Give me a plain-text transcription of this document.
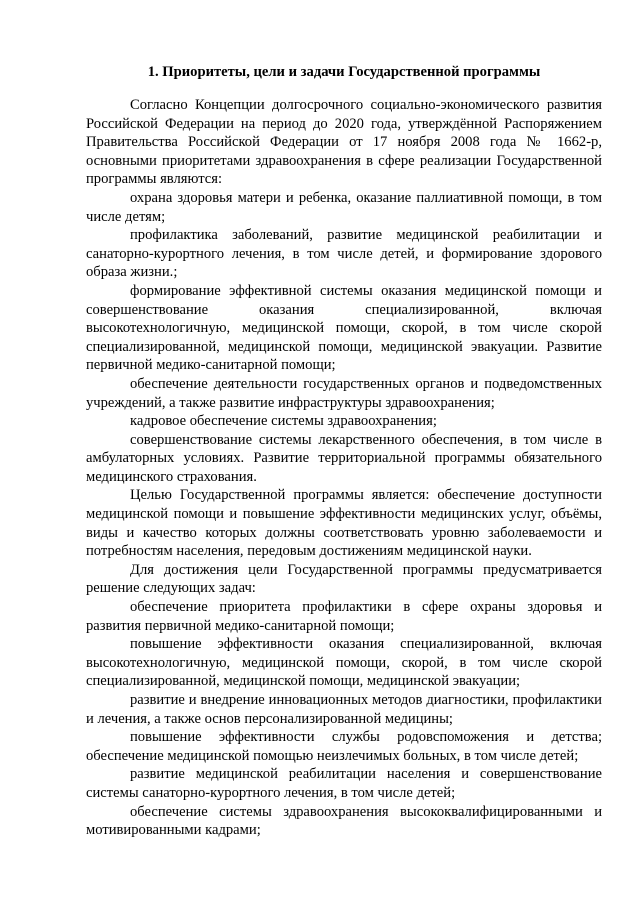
1. Приоритеты, цели и задачи Государственной программы

Согласно Концепции долгосрочного социально-экономического развития Российской Федерации на период до 2020 года, утверждённой Распоряжением Правительства Российской Федерации от 17 ноября 2008 года № 1662-р, основными приоритетами здравоохранения в сфере реализации Государственной программы являются:

охрана здоровья матери и ребенка, оказание паллиативной помощи, в том числе детям;

профилактика заболеваний, развитие медицинской реабилитации и санаторно-курортного лечения, в том числе детей, и формирование здорового образа жизни.;

формирование эффективной системы оказания медицинской помощи и совершенствование оказания специализированной, включая высокотехнологичную, медицинской помощи, скорой, в том числе скорой специализированной, медицинской помощи, медицинской эвакуации. Развитие первичной медико-санитарной помощи;

обеспечение деятельности государственных органов и подведомственных учреждений, а также развитие инфраструктуры здравоохранения;

кадровое обеспечение системы здравоохранения;

совершенствование системы лекарственного обеспечения, в том числе в амбулаторных условиях. Развитие территориальной программы обязательного медицинского страхования.

Целью Государственной программы является: обеспечение доступности медицинской помощи и повышение эффективности медицинских услуг, объёмы, виды и качество которых должны соответствовать уровню заболеваемости и потребностям населения, передовым достижениям медицинской науки.

Для достижения цели Государственной программы предусматривается решение следующих задач:

обеспечение приоритета профилактики в сфере охраны здоровья и развития первичной медико-санитарной помощи;

повышение эффективности оказания специализированной, включая высокотехнологичную, медицинской помощи, скорой, в том числе скорой специализированной, медицинской помощи, медицинской эвакуации;

развитие и внедрение инновационных методов диагностики, профилактики и лечения, а также основ персонализированной медицины;

повышение эффективности службы родовспоможения и детства; обеспечение медицинской помощью неизлечимых больных, в том числе детей;

развитие медицинской реабилитации населения и совершенствование системы санаторно-курортного лечения, в том числе детей;

обеспечение системы здравоохранения высококвалифицированными и мотивированными кадрами;
